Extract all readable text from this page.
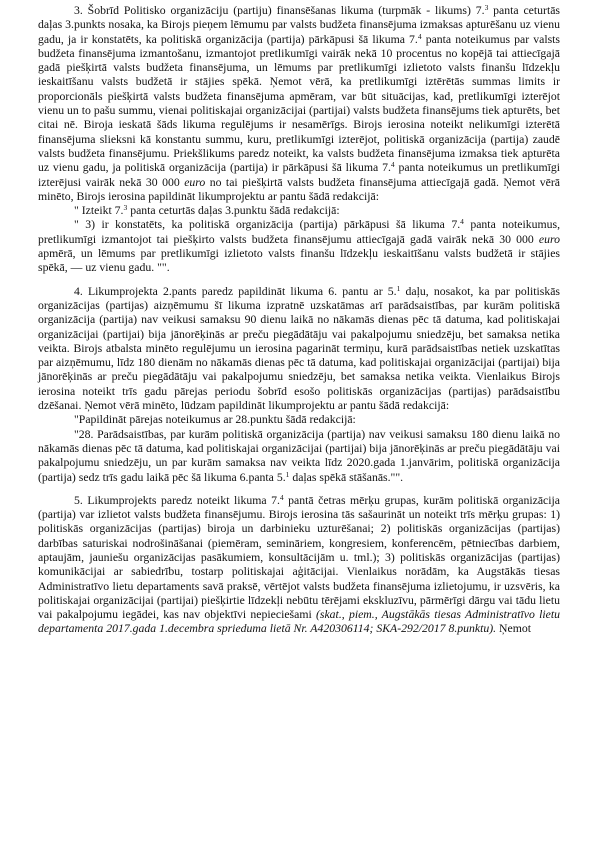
3. Šobrīd Politisko organizāciju (partiju) finansēšanas likuma (turpmāk - likums) 7.$^3$ panta ceturtās daļas 3.punkts nosaka, ka Birojs pieņem lēmumu par valsts budžeta finansējuma izmaksas apturēšanu uz vienu gadu, ja ir konstatēts, ka politiskā organizācija (partija) pārkāpusi šā likuma 7.$^4$ panta noteikumus par valsts budžeta finansējuma izmantošanu, izmantojot pretlikumīgi vairāk nekā 10 procentus no kopējā tai attiecīgajā gadā piešķirtā valsts budžeta finansējuma, un lēmums par pretlikumīgi izlietoto valsts finanšu līdzekļu ieskaitīšanu valsts budžetā ir stājies spēkā. Ņemot vērā, ka pretlikumīgi iztērētās summas limits ir proporcionāls piešķirtā valsts budžeta finansējuma apmēram, var būt situācijas, kad, pretlikumīgi izterējot vienu un to pašu summu, vienai politiskajai organizācijai (partijai) valsts budžeta finansējums tiek apturēts, bet citai nē. Biroja ieskatā šāds likuma regulējums ir nesamērīgs. Birojs ierosina noteikt nelikumīgi izterētā finansējuma slieksni kā konstantu summu, kuru, pretlikumīgi izterējot, politiskā organizācija (partija) zaudē valsts budžeta finansējumu. Priekšlikums paredz noteikt, ka valsts budžeta finansējuma izmaksa tiek apturēta uz vienu gadu, ja politiskā organizācija (partija) ir pārkāpusi šā likuma 7.$^4$ panta noteikumus un pretlikumīgi izterējusi vairāk nekā 30 000 euro no tai piešķirtā valsts budžeta finansējuma attiecīgajā gadā. Ņemot vērā minēto, Birojs ierosina papildināt likumprojektu ar pantu šādā redakcijā:

" Izteikt 7.$^3$ panta ceturtās daļas 3.punktu šādā redakcijā:

" 3) ir konstatēts, ka politiskā organizācija (partija) pārkāpusi šā likuma 7.$^4$ panta noteikumus, pretlikumīgi izmantojot tai piešķirto valsts budžeta finansējumu attiecīgajā gadā vairāk nekā 30 000 euro apmērā, un lēmums par pretlikumīgi izlietoto valsts finanšu līdzekļu ieskaitīšanu valsts budžetā ir stājies spēkā, — uz vienu gadu. "".

4. Likumprojekta 2.pants paredz papildināt likuma 6. pantu ar 5.$^1$ daļu, nosakot, ka par politiskās organizācijas (partijas) aizņēmumu šī likuma izpratnē uzskatāmas arī parādsaistības, par kurām politiskā organizācija (partija) nav veikusi samaksu 90 dienu laikā no nākamās dienas pēc tā datuma, kad politiskajai organizācijai (partijai) bija jānorēķinās ar preču piegādātāju vai pakalpojumu sniedzēju, bet samaksa netika veikta. Birojs atbalsta minēto regulējumu un ierosina pagarināt termiņu, kurā parādsaistības netiek uzskatītas par aizņēmumu, līdz 180 dienām no nākamās dienas pēc tā datuma, kad politiskajai organizācijai (partijai) bija jānorēķinās ar preču piegādātāju vai pakalpojumu sniedzēju, bet samaksa netika veikta. Vienlaikus Birojs ierosina noteikt trīs gadu pārejas periodu šobrīd esošo politiskās organizācijas (partijas) parādsaistību dzēšanai. Ņemot vērā minēto, lūdzam papildināt likumprojektu ar pantu šādā redakcijā:

"Papildināt pārejas noteikumus ar 28.punktu šādā redakcijā:

"28. Parādsaistības, par kurām politiskā organizācija (partija) nav veikusi samaksu 180 dienu laikā no nākamās dienas pēc tā datuma, kad politiskajai organizācijai (partijai) bija jānorēķinās ar preču piegādātāju vai pakalpojumu sniedzēju, un par kurām samaksa nav veikta līdz 2020.gada 1.janvārim, politiskā organizācija (partija) sedz trīs gadu laikā pēc šā likuma 6.panta 5.$^1$ daļas spēkā stāšanās."".

5. Likumprojekts paredz noteikt likuma 7.$^4$ pantā četras mērķu grupas, kurām politiskā organizācija (partija) var izlietot valsts budžeta finansējumu. Birojs ierosina tās sašaurināt un noteikt trīs mērķu grupas: 1) politiskās organizācijas (partijas) biroja un darbinieku uzturēšanai; 2) politiskās organizācijas (partijas) darbības saturiskai nodrošināšanai (piemēram, semināriem, kongresiem, konferencēm, pētniecības darbiem, aptaujām, jauniešu organizācijas pasākumiem, konsultācijām u. tml.); 3) politiskās organizācijas (partijas) komunikācijai ar sabiedrību, tostarp politiskajai aģitācijai. Vienlaikus norādām, ka Augstākās tiesas Administratīvo lietu departaments savā praksē, vērtējot valsts budžeta finansējuma izlietojumu, ir uzsvēris, ka politiskajai organizācijai (partijai) piešķirtie līdzekļi nebūtu tērējami ekskluzīvu, pārmērīgi dārgu vai tādu lietu vai pakalpojumu iegādei, kas nav objektīvi nepieciešami (skat., piem., Augstākās tiesas Administratīvo lietu departamenta 2017.gada 1.decembra sprieduma lietā Nr. A420306114; SKA-292/2017 8.punktu). Ņemot
